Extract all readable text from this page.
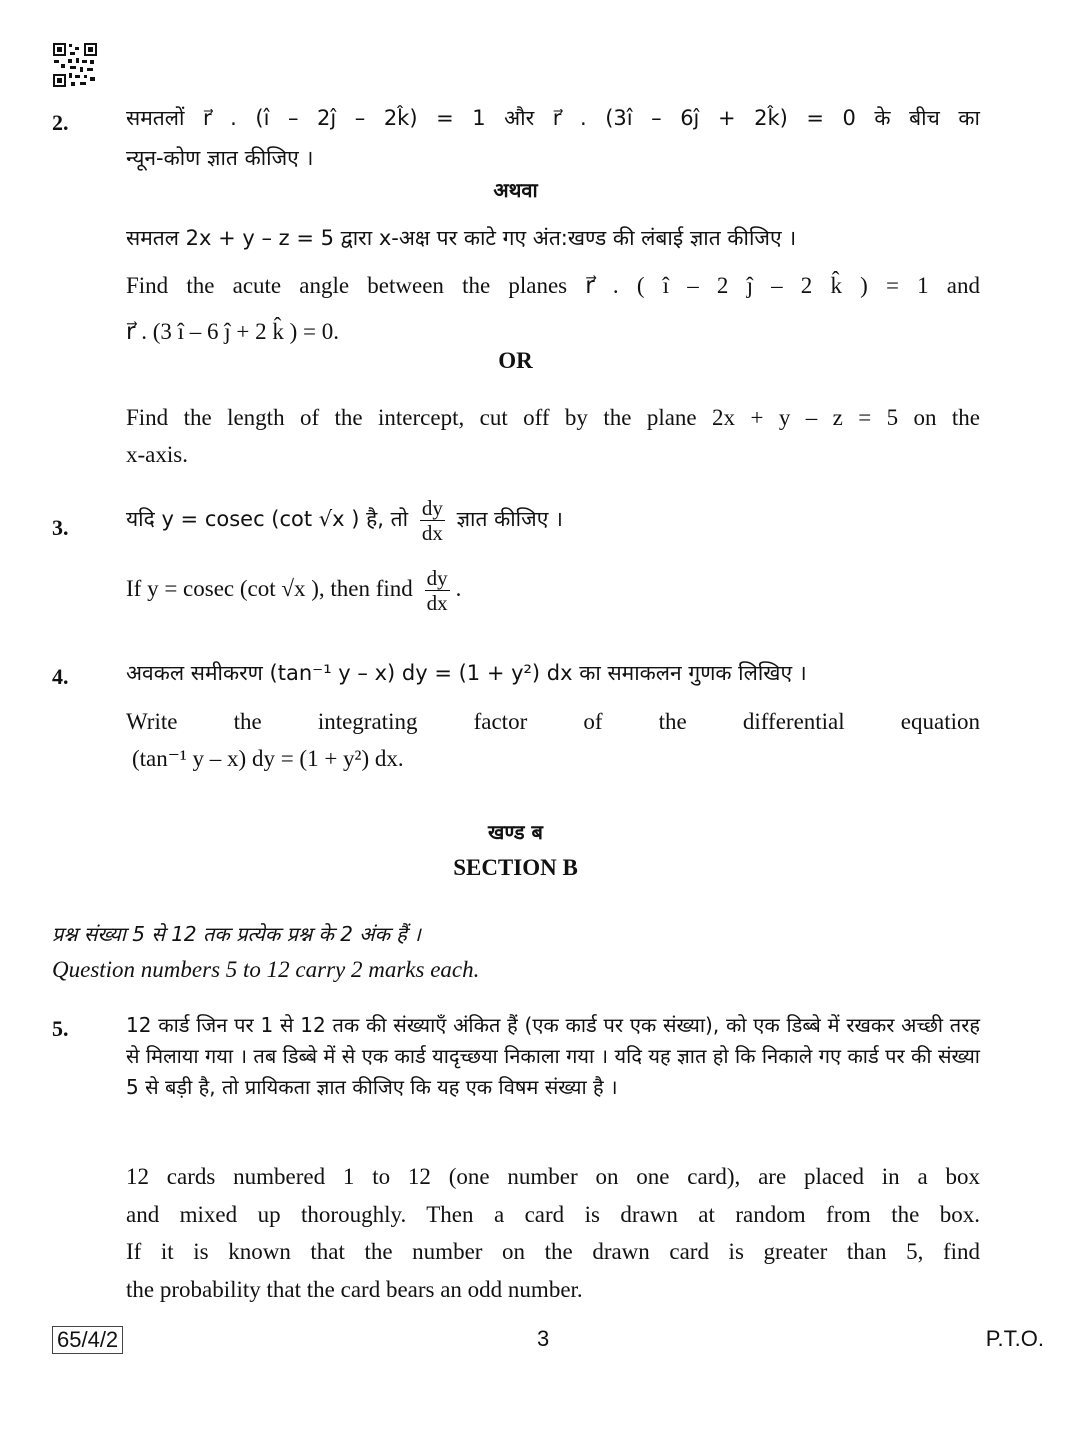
2.	समतलों r⃗ . (î – 2ĵ – 2k̂) = 1 और r⃗ . (3î – 6ĵ + 2k̂) = 0 के बीच का
न्यून-कोण ज्ञात कीजिए ।
अथवा
समतल 2x + y – z = 5 द्वारा x-अक्ष पर काटे गए अंत:खण्ड की लंबाई ज्ञात कीजिए ।
Find the acute angle between the planes r⃗ . ( î – 2 ĵ – 2 k̂ ) = 1 and
r⃗ . (3 î – 6 ĵ + 2 k̂ ) = 0.
OR
Find the length of the intercept, cut off by the plane 2x + y – z = 5 on the
x-axis.
3.	यदि y = cosec (cot √x ) है, तो $\frac{dy}{dx}$ ज्ञात कीजिए ।
If y = cosec (cot √x ), then find $\frac{dy}{dx}$ .
4.	अवकल समीकरण (tan⁻¹ y – x) dy = (1 + y²) dx का समाकलन गुणक लिखिए ।
Write the integrating factor of the differential equation
(tan⁻¹ y – x) dy = (1 + y²) dx.
खण्ड ब
SECTION B
प्रश्न संख्या 5 से 12 तक प्रत्येक प्रश्न के 2 अंक हैं ।
Question numbers 5 to 12 carry 2 marks each.
5.	12 कार्ड जिन पर 1 से 12 तक की संख्याएँ अंकित हैं (एक कार्ड पर एक संख्या), को एक डिब्बे में रखकर अच्छी तरह से मिलाया गया । तब डिब्बे में से एक कार्ड यादृच्छया निकाला गया । यदि यह ज्ञात हो कि निकाले गए कार्ड पर की संख्या 5 से बड़ी है, तो प्रायिकता ज्ञात कीजिए कि यह एक विषम संख्या है ।
12 cards numbered 1 to 12 (one number on one card), are placed in a box
and mixed up thoroughly. Then a card is drawn at random from the box.
If it is known that the number on the drawn card is greater than 5, find
the probability that the card bears an odd number.
65/4/2	3	P.T.O.
